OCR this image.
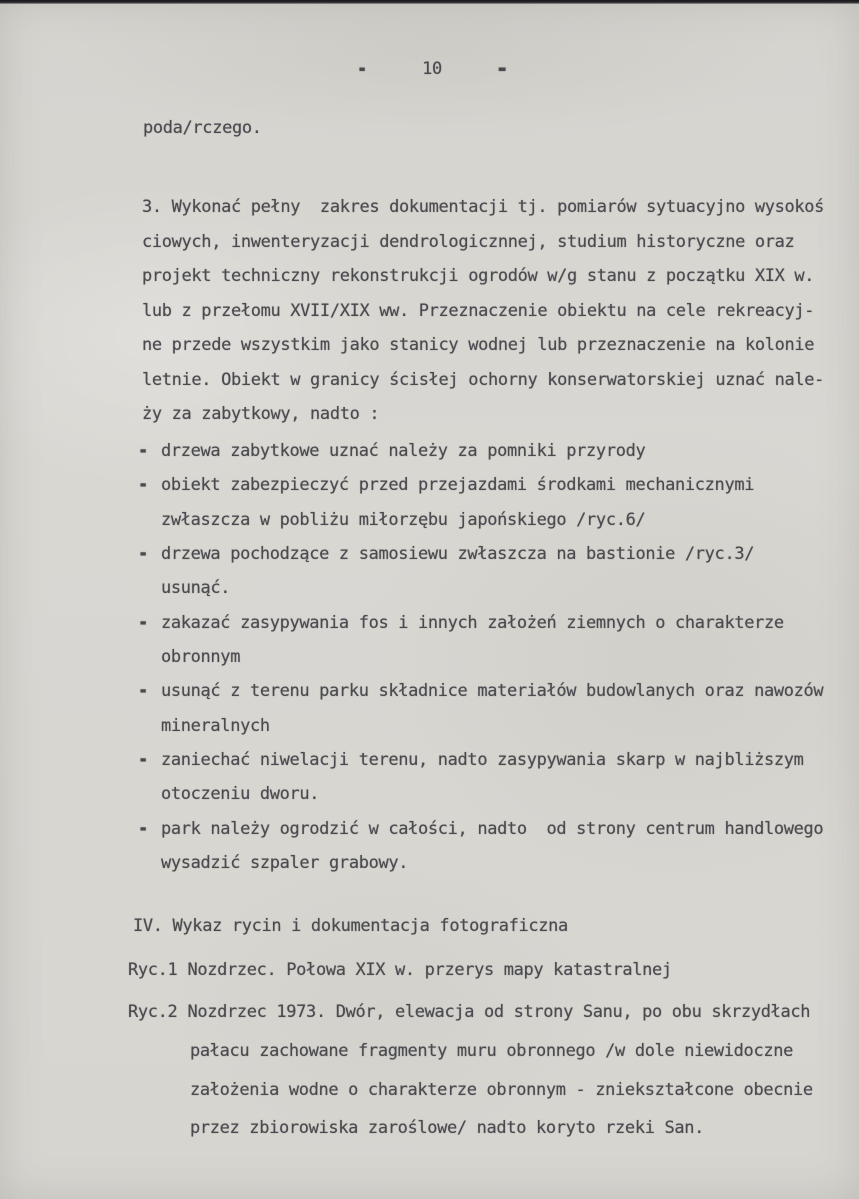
-	10	-
poda/rczego.
3. Wykonać pełny  zakres dokumentacji tj. pomiarów sytuacyjno wysokoś
ciowych, inwenteryzacji dendrologicznnej, studium historyczne oraz
projekt techniczny rekonstrukcji ogrodów w/g stanu z początku XIX w.
lub z przełomu XVII/XIX ww. Przeznaczenie obiektu na cele rekreacyj-
ne przede wszystkim jako stanicy wodnej lub przeznaczenie na kolonie
letnie. Obiekt w granicy ścisłej ochorny konserwatorskiej uznać nale-
ży za zabytkowy, nadto :
- drzewa zabytkowe uznać należy za pomniki przyrody
- obiekt zabezpieczyć przed przejazdami środkami mechanicznymi
zwłaszcza w pobliżu miłorzębu japońskiego /ryc.6/
- drzewa pochodzące z samosiewu zwłaszcza na bastionie /ryc.3/
usunąć.
- zakazać zasypywania fos i innych założeń ziemnych o charakterze
obronnym
- usunąć z terenu parku składnice materiałów budowlanych oraz nawozów
mineralnych
- zaniechać niwelacji terenu, nadto zasypywania skarp w najbliższym
otoczeniu dworu.
- park należy ogrodzić w całości, nadto  od strony centrum handlowego
wysadzić szpaler grabowy.
IV. Wykaz rycin i dokumentacja fotograficzna
Ryc.1 Nozdrzec. Połowa XIX w. przerys mapy katastralnej
Ryc.2 Nozdrzec 1973. Dwór, elewacja od strony Sanu, po obu skrzydłach
pałacu zachowane fragmenty muru obronnego /w dole niewidoczne
założenia wodne o charakterze obronnym - zniekształcone obecnie
przez zbiorowiska zaroślowe/ nadto koryto rzeki San.
